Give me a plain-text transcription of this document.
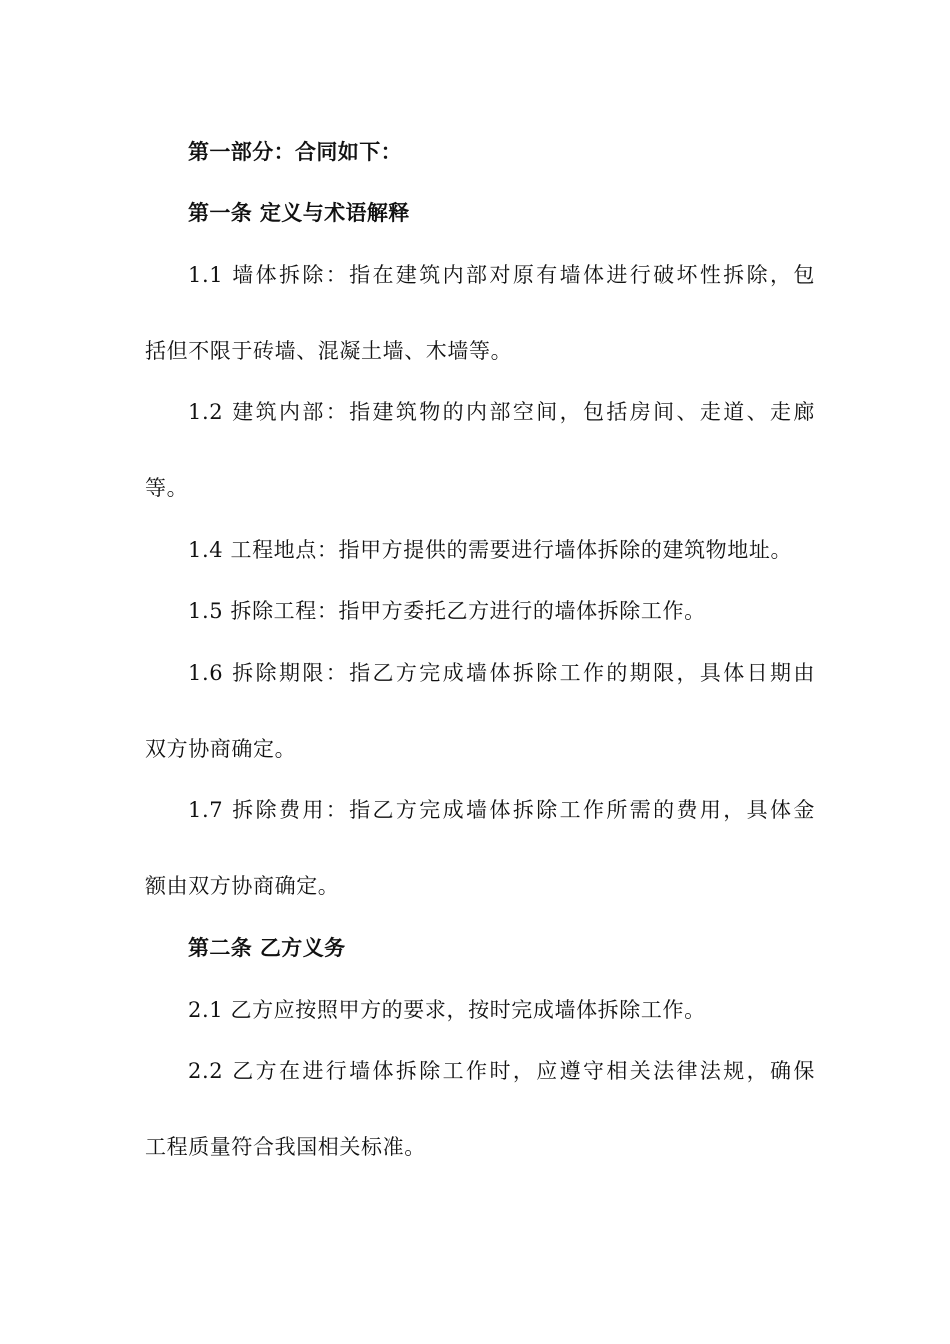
第一部分：合同如下：
第一条 定义与术语解释
1.1 墙体拆除：指在建筑内部对原有墙体进行破坏性拆除，包
括但不限于砖墙、混凝土墙、木墙等。
1.2 建筑内部：指建筑物的内部空间，包括房间、走道、走廊
等。
1.4 工程地点：指甲方提供的需要进行墙体拆除的建筑物地址。
1.5 拆除工程：指甲方委托乙方进行的墙体拆除工作。
1.6 拆除期限：指乙方完成墙体拆除工作的期限，具体日期由
双方协商确定。
1.7 拆除费用：指乙方完成墙体拆除工作所需的费用，具体金
额由双方协商确定。
第二条 乙方义务
2.1 乙方应按照甲方的要求，按时完成墙体拆除工作。
2.2 乙方在进行墙体拆除工作时，应遵守相关法律法规，确保
工程质量符合我国相关标准。
